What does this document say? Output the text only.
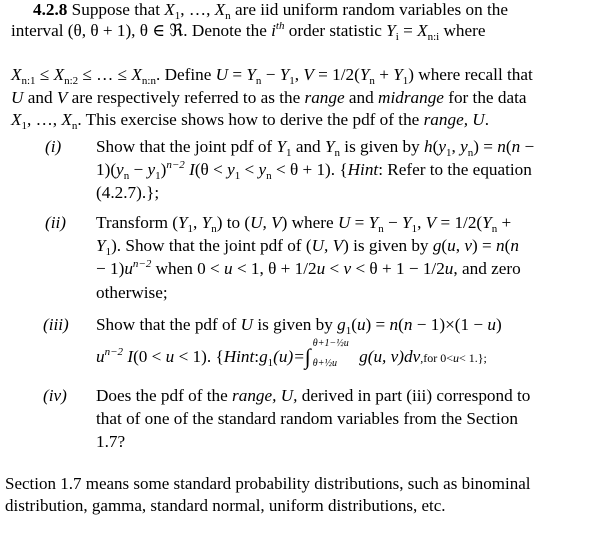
4.2.8 Suppose that $X_1$, …, $X_n$ are iid uniform random variables on the
interval (θ, θ + 1), θ ∈ ℜ. Denote the $i^{th}$ order statistic $Y_i = X_{n:i}$ where
$X_{n:1} \le X_{n:2}$ ≤ … ≤ $X_{n:n}$. Define $U = Y_n - Y_1$, $V = 1/2(Y_n + Y_1)$ where recall that
U and V are respectively referred to as the range and midrange for the data
$X_1$, …, $X_n$. This exercise shows how to derive the pdf of the range, U.
(i) Show that the joint pdf of $Y_1$ and $Y_n$ is given by $h(y_1$, $y_n) = n(n$ −
$1)(y_n - y_1)^{n-2}$ $I(\theta < y_1 < y_n < \theta + 1)$. {Hint: Refer to the equation
(4.2.7).};
(ii) Transform ($Y_1$, $Y_n$) to (U, V) where $U = Y_n - Y_1$, $V = 1/2(Y_n$ +
$Y_1$). Show that the joint pdf of (U, V) is given by g(u, v) = n(n
− $1)u^{n-2}$ when 0 < u < 1, θ + 1/2u < v < θ + 1 − 1/2u, and zero
otherwise;
(iii) Show that the pdf of U is given by $g_1(u) = n(n - 1)\times(1 - u)$
$u^{n-2}$ I(0 < u < 1). {$Hint:g_1(u)=\int$
θ+1−½u
θ+½u g(u, v)dv,for 0<u< 1.};
(iv) Does the pdf of the range, U, derived in part (iii) correspond to
that of one of the standard random variables from the Section
1.7?
Section 1.7 means some standard probability distributions, such as binominal distribution, gamma, standard normal, uniform distributions, etc.
